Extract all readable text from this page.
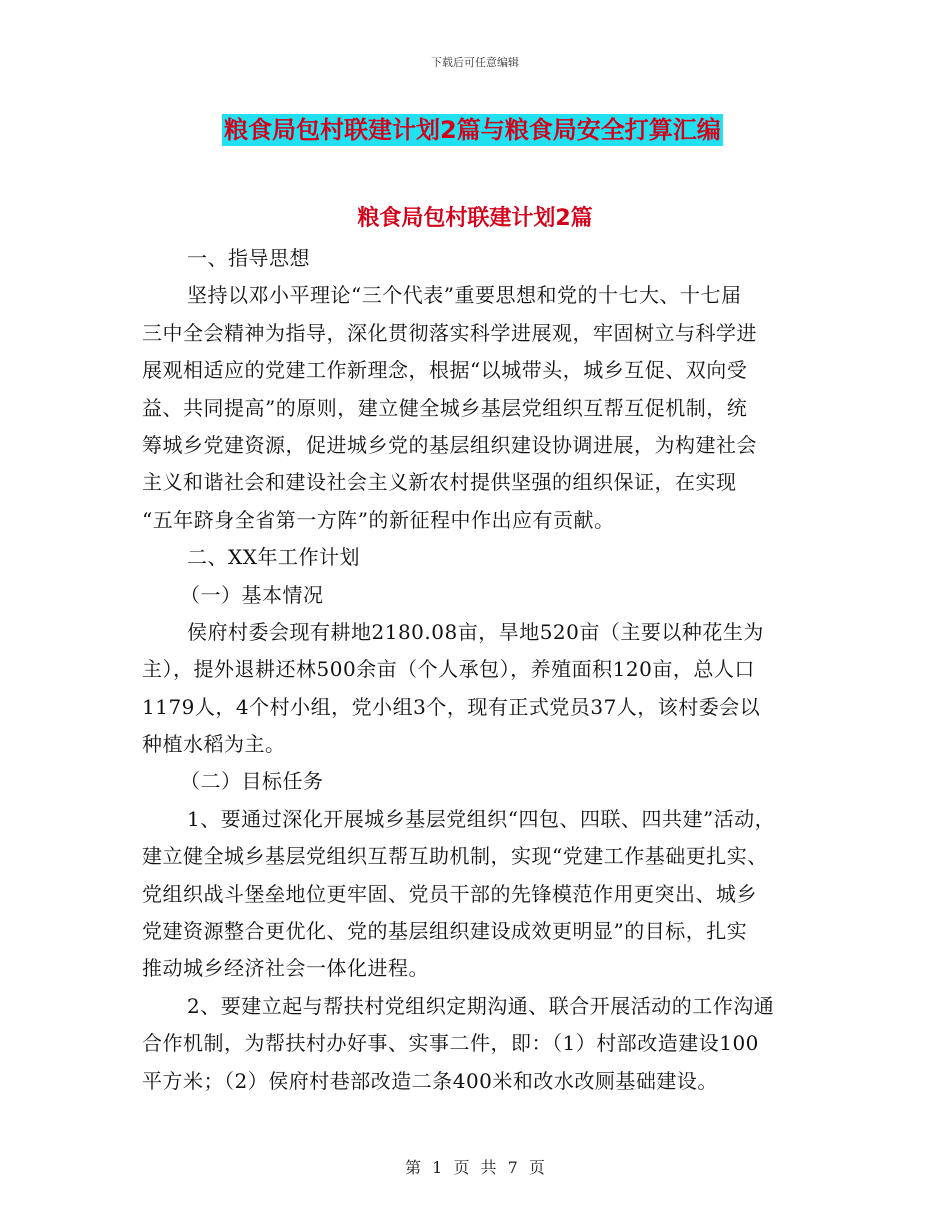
下载后可任意编辑
粮食局包村联建计划2篇与粮食局安全打算汇编
粮食局包村联建计划2篇
一、指导思想
坚持以邓小平理论“三个代表”重要思想和党的十七大、十七届
三中全会精神为指导，深化贯彻落实科学进展观，牢固树立与科学进
展观相适应的党建工作新理念，根据“以城带头，城乡互促、双向受
益、共同提高”的原则，建立健全城乡基层党组织互帮互促机制，统
筹城乡党建资源，促进城乡党的基层组织建设协调进展，为构建社会
主义和谐社会和建设社会主义新农村提供坚强的组织保证，在实现
“五年跻身全省第一方阵”的新征程中作出应有贡献。
二、XX年工作计划
（一）基本情况
侯府村委会现有耕地2180.08亩，旱地520亩（主要以种花生为
主），提外退耕还林500余亩（个人承包），养殖面积120亩，总人口
1179人，4个村小组，党小组3个，现有正式党员37人，该村委会以
种植水稻为主。
（二）目标任务
1、要通过深化开展城乡基层党组织“四包、四联、四共建”活动，
建立健全城乡基层党组织互帮互助机制，实现“党建工作基础更扎实、
党组织战斗堡垒地位更牢固、党员干部的先锋模范作用更突出、城乡
党建资源整合更优化、党的基层组织建设成效更明显”的目标，扎实
推动城乡经济社会一体化进程。
2、要建立起与帮扶村党组织定期沟通、联合开展活动的工作沟通
合作机制，为帮扶村办好事、实事二件，即：（1）村部改造建设100
平方米；（2）侯府村巷部改造二条400米和改水改厕基础建设。
第 1 页 共 7 页
